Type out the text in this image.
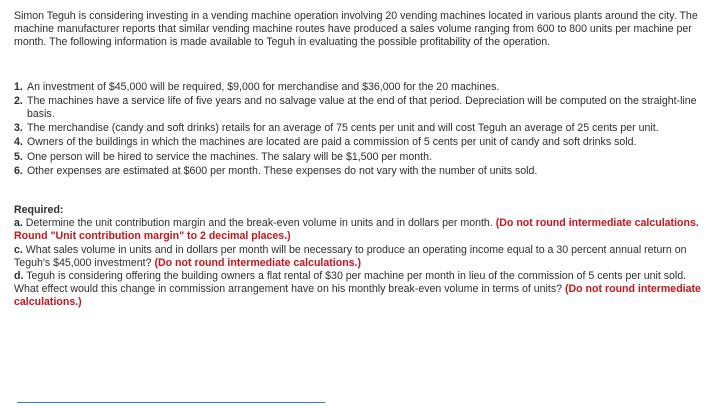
Simon Teguh is considering investing in a vending machine operation involving 20 vending machines located in various plants around the city. The machine manufacturer reports that similar vending machine routes have produced a sales volume ranging from 600 to 800 units per machine per month. The following information is made available to Teguh in evaluating the possible profitability of the operation.

1. An investment of $45,000 will be required, $9,000 for merchandise and $36,000 for the 20 machines.
2. The machines have a service life of five years and no salvage value at the end of that period. Depreciation will be computed on the straight-line basis.
3. The merchandise (candy and soft drinks) retails for an average of 75 cents per unit and will cost Teguh an average of 25 cents per unit.
4. Owners of the buildings in which the machines are located are paid a commission of 5 cents per unit of candy and soft drinks sold.
5. One person will be hired to service the machines. The salary will be $1,500 per month.
6. Other expenses are estimated at $600 per month. These expenses do not vary with the number of units sold.

Required:

a. Determine the unit contribution margin and the break-even volume in units and in dollars per month. (Do not round intermediate calculations. Round "Unit contribution margin" to 2 decimal places.)

c. What sales volume in units and in dollars per month will be necessary to produce an operating income equal to a 30 percent annual return on Teguh's $45,000 investment? (Do not round intermediate calculations.)

d. Teguh is considering offering the building owners a flat rental of $30 per machine per month in lieu of the commission of 5 cents per unit sold. What effect would this change in commission arrangement have on his monthly break-even volume in terms of units? (Do not round intermediate calculations.)
